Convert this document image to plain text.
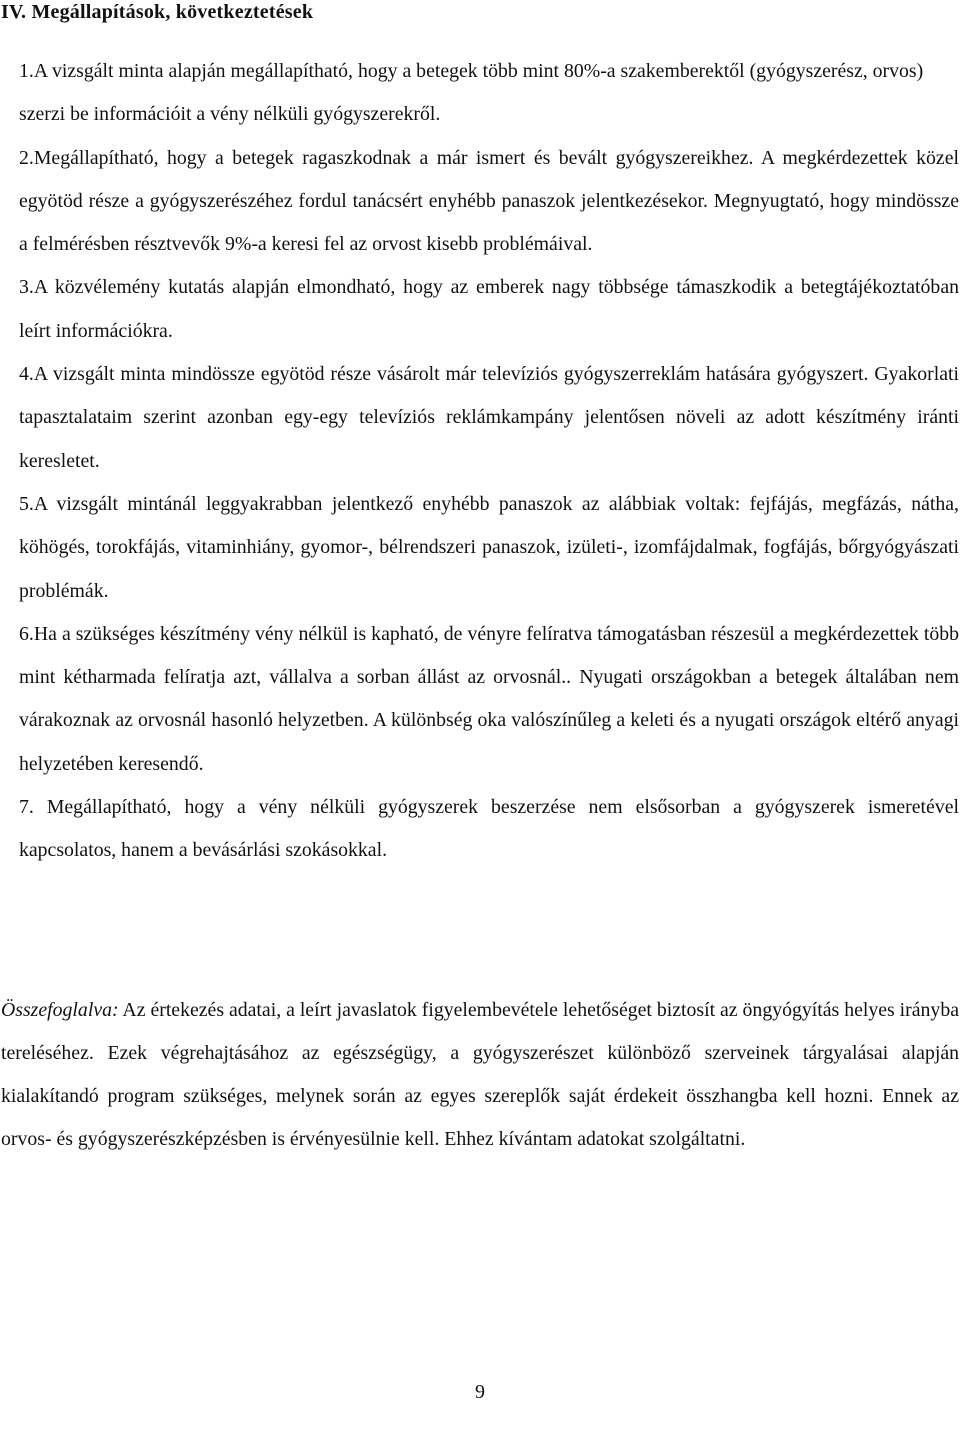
IV. Megállapítások, következtetések

1.A vizsgált minta alapján megállapítható, hogy a betegek több mint 80%-a szakemberektől (gyógyszerész, orvos) szerzi be információit a vény nélküli gyógyszerekről.

2.Megállapítható, hogy a betegek ragaszkodnak a már ismert és bevált gyógyszereikhez. A megkérdezettek közel egyötöd része a gyógyszerészéhez fordul tanácsért enyhébb panaszok jelentkezésekor. Megnyugtató, hogy mindössze a felmérésben résztvevők 9%-a keresi fel az orvost kisebb problémáival.

3.A közvélemény kutatás alapján elmondható, hogy az emberek nagy többsége támaszkodik a betegtájékoztatóban leírt információkra.

4.A vizsgált minta mindössze egyötöd része vásárolt már televíziós gyógyszerreklám hatására gyógyszert. Gyakorlati tapasztalataim szerint azonban egy-egy televíziós reklámkampány jelentősen növeli az adott készítmény iránti keresletet.

5.A vizsgált mintánál leggyakrabban jelentkező enyhébb panaszok az alábbiak voltak: fejfájás, megfázás, nátha, köhögés, torokfájás, vitaminhiány, gyomor-, bélrendszeri panaszok, izületi-, izomfájdalmak, fogfájás, bőrgyógyászati problémák.

6.Ha a szükséges készítmény vény nélkül is kapható, de vényre felíratva támogatásban részesül a megkérdezettek több mint kétharmada felíratja azt, vállalva a sorban állást az orvosnál.. Nyugati országokban a betegek általában nem várakoznak az orvosnál hasonló helyzetben. A különbség oka valószínűleg a keleti és a nyugati országok eltérő anyagi helyzetében keresendő.

7. Megállapítható, hogy a vény nélküli gyógyszerek beszerzése nem elsősorban a gyógyszerek ismeretével kapcsolatos, hanem a bevásárlási szokásokkal.

Összefoglalva: Az értekezés adatai, a leírt javaslatok figyelembevétele lehetőséget biztosít az öngyógyítás helyes irányba tereléséhez. Ezek végrehajtásához az egészségügy, a gyógyszerészet különböző szerveinek tárgyalásai alapján kialakítandó program szükséges, melynek során az egyes szereplők saját érdekeit összhangba kell hozni. Ennek az orvos- és gyógyszerészképzésben is érvényesülnie kell. Ehhez kívántam adatokat szolgáltatni.

9
